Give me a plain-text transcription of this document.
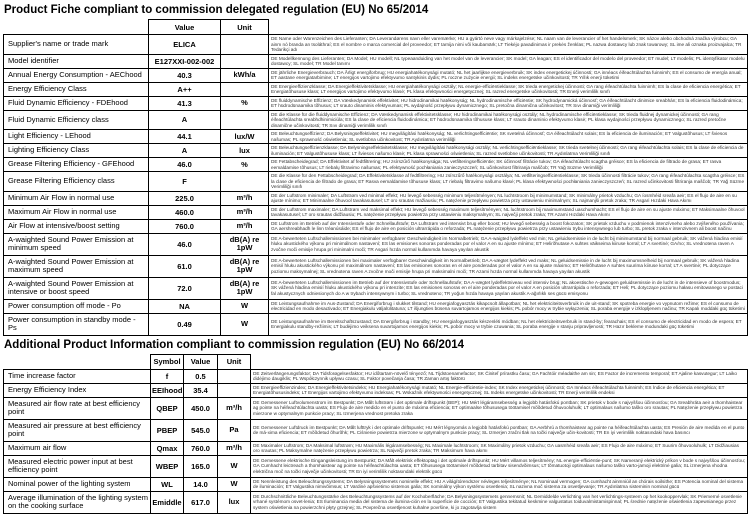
Product Fiche compliant to commission delegated regulation (EU) No 65/2014
	Value	Unit	
Supplier's name or trade mark	ELICA		DE Name oder Warenzeichen des Lieferanten; DA Leverandørens navn eller varemærke; HU a gyártó neve vagy márkajelzése; NL naam van de leverancier of het handelsmerk; SK názov alebo obchodná značka výrobcu; GA ainm nó branda an tsoláthraí; ES el nombre o marca comercial del proveedor; ET tarnija nimi või kaubamärk; LT Tiekėjo pavadinimas ir prekės ženklas; PL nazwa dostawcy lub znak towarowy; SL ime ali oznaka proizvajalca; TR Tedarikçi adı

Model identifier	E127XXI-002-002		DE Modellkennung des Lieferanten; DA Model; HU modell; NL typeaanduiding van het model van de leverancier; SK model; GA leagan; ES el identificador del modelo del proveedor; ET mudel; LT modelis; PL identyfikator modelu dostawcy; SL model; TR Model tanımı

Annual Energy Consumption - AEChood	40.3	kWh/a	DE jährliche Energieverbrauch; DA Årligt energiforbrug; HU energiahatékonysági mutató; NL het jaarlijkse energieverbruik; SK index energetickej účinnosti; GA innéacs éifeachtúlachta fuinnimh; ES el consumo de energía anual; ET aastane energiatarbimine; LT energijos vartojimo efektyvumo santykinis dydis; PL roczne zużycie energii; SL indeks energetske učinkovitosti; TR Yıllık enerji tüketimi

Energy Efficiency Class	A++		DE Energieeffizienzklasse; DA Energieffektivitetsklasse; HU energiahatékonysági osztály; NL energie-efficiëntieklasse; SK trieda energetickej účinnosti; GA rang éifeachtúlachta fuinnimh; ES la clase de eficiencia energética; ET Energiatõhususe klass; LT energijos vartojimo efektyvumo klasė; PL klasa efektywności energetycznej; SL razred energetske učinkovitosti; TR Enerji verimlilik sınıfı

Fluid Dynamic Efficiency - FDEhood	41.3	%	DE fluiddynamische Effizienz; DA Væskedynamisk effektivitet; HU hidrodinamikai hatékonyság; NL hydrodinamische efficiëntie; SK hydrodynamická účinnosť; GA éifeachtúlacht dinimice sreabhán; ES la eficiencia fluidodinámica; ET hüdrodünaamika tõhusus; LT srauto dinaminis efektyvumas; PL wydajność przepływu dynamicznego; SL pretočna dinamična učinkovitost; TR Sıvı dinamiği verimliliği

Fluid Dynamic Efficiency class	A		DE die Klasse für die fluiddynamische Effizienz; DA Væskedynamisk effektivitetsklasse; HU hidrodinamikai hatékonysági osztály; NL hydrodinamische efficiëntieklasse; SK trieda fluidnej dynamickej účinnosti; GA rang éifeachtúlachta sreabhdhinimiciúla; ES la clase de eficiencia fluidodinámica; ET hüdrodünaamika tõhususe klass; LT srauto dinaminio efektyvumo klasė; PL klasa wydajności przepływu dynamicznego; SL razred pretočne dinamične učinkovitosti; TR Sıvı dinamiği verimlilik sınıfı

Light Efficiency - LEhood	44.1	lux/W	DE Beleuchtungseffizienz; DA Belysningseffektivitet; HU megvilágítási hatékonyság; NL verlichtingsefficiëntie; SK svetelná účinnosť; GA éifeachtúlacht solais; ES la eficiencia de iluminación; ET Valgustõhusus; LT šviesos našumas; PL sprawność oświetlenia; SL svetlobna učinkovitost; TR Aydınlatma verimliliği

Lighting Efficiency Class	A	lux	DE Beleuchtungseffizienzklasse; DA Belysningseffektivitetsklasse; HU megvilágítási hatékonysági osztály; NL verlichtingsefficiëntieklasse; SK trieda svetelnej účinnosti; GA rang éifeachtúlachta solais; ES la clase de eficiencia de iluminación; ET Valgustõhususe klass; LT šviesos našumo klasė; PL klasa sprawności oświetlenia; SL razred svetlobne učinkovitosti; TR Aydınlatma Verimliliği sınıfı

Grease Filtering Efficiency - GFEhood	46.0	%	DE Fettabscheidegrad; DA Effektivitet af fedtfiltrering; HU zsírszűrő hatékonysága; NL vetfilteringsefficiëntie; SK účinnosť filtrácie tukov; GA éifeachtúlacht scagtha gréisce; ES la eficiencia de filtrado de grasa; ET rasva eemaldamise tõhusus; LT riebalų filtravimo našumas; PL efektywność pochłaniania zanieczyszczeń; SL učinkovitost filtriranja maščob; TR Yağ Süzme Verimliliği

Grease Filtering Efficiency class	F		DE die Klasse für den Fettabscheidegrad; DA Effektivitetsklasse af fedtfiltrering; HU zsírszűrő hatékonysági osztálya; NL vetfilteringsefficiëntieklasse; SK trieda účinnosti filtrácie tukov; GA rang éifeachtúlachta scagtha gréisce; ES la clase de eficiencia de filtrado de grasa; ET Rasva eemaldamise tõhususe klass; LT riebalų filtravimo našumo klasė; PL klasa efektywności pochłaniania zanieczyszczeń; SL razred učinkovitosti filtriranja maščob; TR Yağ Süzme Verimliliği sınıfı

Minimum Air Flow in normal use	225.0	m³/h	DE der Luftstrom minimaler; DA Luftstrøm ved minimal effekt; HU levegő sebesség minimum teljesítményen; NL luchtstroom bij minimumstand; SK minimálny prietok vzduchu; GA íosmhéid sreafa aeir; ES el flujo de aire en su ajuste mínimo; ET Minimaalne õhuvool tavakasutusel; LT oro srautas mažiausiu; PL natężenie przepływu powietrza przy ustawieniu minimalnym; SL najmanjši pretok zraka; TR Asgari Hızdaki Hava Akımı

Maximum Air Flow in normal use	460.0	m³/h	DE der Luftstrom maximaler; DA Luftstrøm ved maksimal effekt; HU levegő sebesség maximum teljesítményen; NL luchtstroom bij maximumstand uaschumhacht; ES el flujo de aire en su ajuste máximo; ET Maksimaalne õhuvool tavakasutusel; LT oro srautas didžiausiu; PL natężenie przepływu powietrza przy ustawieniu maksymalnym; SL največji pretok zraka; TR Azami Hızdaki Hava Akımı

Air Flow at intensive/boost setting	760.0	m³/h	DE Luftstrom im Betrieb auf der Intensivstufe oder Schnellaufstufe; DA Luftstrøm ved intensivt brug eller boost; HU levegő sebesség a boost fokozaton; SK prietok vzduchu v podmienok intenzívneho alebo zvýšeného používania; GA aershreabhadh le linn tréanúsáide; ES el flujo de aire en posición ultrarrápida o reforzada; PL natężenie przepływu powietrza przy ustawieniu trybu intensywnego lub turbo; SL pretok zraka v intenzivnem ali boost načinu

A-waighted Sound Power Emission at minimum speed	46.0	dB(A) re 1pW	DE A-bewerteten Luftschallemissionen bei minimaler verfügbarer Geschwindigkeit im Normalbetrieb; GA A-waigted lydeffekt ved min; NL geluidsemissie in de lucht bij minimumstand bij normaal gebruik; SK vážená hladina emisií hluku akustického výkonu pri minimálnom nastavení; ES las emisiones sonoras ponderadas por el valor A en su ajuste mínimo; ET Helirõhutase A suhtes väikseima kiiruse korral; LT A svertinė; GA/no; SL vrednotena raven A zvočne moči emisije hrupa pri minimalni moči; TR Asgari hızda normal kullanımda havaya yayılan akustik

A-waighted Sound Power Emission at maximum speed	61.0	dB(A) re 1pW	DE A-bewerteten Luftschallemissionen bei maximaler verfügbarer Geschwindigkeit im Normalbetrieb; DA A-vægtet lydeffekt ved maks; NL geluidsemissie in de lucht bij maximumsnelheid bij normaal gebruik; SK vážená hladina emisií hluku akustického výkonu pri maximálnom nastavení; ES las emisiones sonoras en el aire ponderadas por el valor A en su ajuste máximo; ET Helirõhutase A suhtes suurima kiiruse korral; LT A svertinė; PL dotyczące poziomu maksymalnej; SL vrednotena raven A zvočne moči emisije hrupa pri maksimalni moči; TR Azami hızda normal kullanımda havaya yayılan akustik

A-waighted Sound Power Emission at intensive or boost speed	72.0	dB(A) re 1pW	DE A-bewerteten Luftschallemissionen im Betrieb auf der Intensivstufe oder Schnellaufstufe; DA A-vægtet lydeffektniveau ved intensiv brug; NL akoestische A-gewogen geluidsemissie in de lucht in de intensieve of boostmodus; SK vážená hladina emisií hluku akustického výkonu pri intenzite; ES las emisiones sonoras en el aire ponderadas por el valor A en posición ultrarrápida o reforzada; ET Heli; PL dotyczące poziomu hałasu emitowanego w postaci fal akustycznych odniesionych do A w trybach intensywnym i turbo; SL vrednoteno; TR yoğun hızda havaya yayılan akustik A-ağırlıklı ses gücü emisyonu

Power consumption off mode - Po	NA	W	DE Leistungsaufnahme im Aus-Zustand; DA Energiforbrug i slukket tilstand; HU energiafogyasztás kikapcsolt állapotban; NL het elektriciteitsverbruik in de uit-stand; SK spotreba energie vo vypnutom režime; ES el consumo de electricidad en modo desactivado; ET Energiakulu väljalülitatuna; LT išjungties būsena suvartojamos energijos kiekis; PL pobór mocy w trybie wyłączenia; SL poraba energije v izklopljenem načinu; TR Kapalı moddaki güç tüketimi

Power consumption in standby mode - Ps	0.49	W	DE Leistungsaufnahme im Bereitschaftszustand; DA Energiforbrug i standby; HU energiafogyasztás készenléti módban; NL het elektriciteitsverbruik in stand-by; fearachais; ES el consumo de electricidad en modo de espera; ET Energiakulu standby-režiimis; LT budėjimo veiksena suvartojamos energijos kiekis; PL pobór mocy w trybie czuwania; SL poraba energije v stanju pripravljenosti; TR Hazır bekleme modundaki güç tüketimi
Additional Product Information compliant to commission regulation (EU) No 66/2014
	Symbol	Value	Unit	
Time increase factor	f	0.5		DE Zeitverlängerungsfaktor; DA Tidsforøgelsesfaktor; HU időtartam-növelő tényező; NL Tijdstoenamefactor; SK Činiteľ prírastku času; GA Fachtóir méadaithe am sin; ES Factor de incremento temporal; ET Ajaline kasvutegur; LT Laiko didėjimo daugiklis; PL Współczynnik upływu czasu; SL Faktor povečanja časa; TR Zaman artış faktörü

Energy Efficiency Index	EEIhood	35.4		DE Energieeffizienzindex; DA Energieffektivitetsindeks; HU Energiahatékonysági mutató; NL Energie-efficiëntie-index; SK Index energetickej účinnosti; GA Innéacs éifeachtúlachta fuinnimh; ES Índice de eficiencia energética; ET Energiatõhususindeks; LT Energijos vartojimo efektyvumo indeksas; PL Wskaźnik efektywności energetycznej; SL Indeks energetske učinkovitosti; TR Enerji verimlilik endeksi

Measured air flow rate at best efficiency point	QBEP	450.0	m³/h	DE Gemessener Luftvolumenstrom im Bestpunkt; DA Målt luftstrøm i det optimale driftspunkt (BEP); HU Mért légáramsebesség a legjobb hatásfokú pontban; SK prietok v bode s najvyššou účinnosťou; GA Sreabhráta aeir a thomhaistear ag pointe na héifeachtúlachta uasta; ES Flujo de aire medido en el punto de máxima eficiencia; ET optimaalse tõhususega töötamisel mõõdetud õhuvooluhulk; LT optimalaus našumo taško oro srautas; PL Natężenie przepływu powietrza mierzone w optymalnym punkcie pracy; SL Izmerjena vrednost pretoka zraka

Measured air pressure at best efficiency point	PBEP	545.0	Pa	DE Gemessener Luftdruck im Bestpunkt; DA Målt lufttryk i det optimale driftspunkt; HU Mért légnyomás a legjobb hatásfokú pontban; GA Aerbhrú a thomhaistear ag pointe na héifeachtúlachta uasta; ES Presión de aire medida en el punto de má-xima eficiencia; ET mõõdetud õhurõhk; PL Ciśnienie powietrza mierzone w optymalnym punkcie pracy; SL Izmerjen zračni tlak na točki največje učin-kovitosti; TR En iyi verimlilik noktasındaki hava basıncı

Maximum air flow	Qmax	760.0	m³/h	DE Maximaler Luftstrom; DA Maksimal luftstrøm; HU Maximális légáramsebesség; NL Maximale luchtstroom; SK Maximálny prietok vzduchu; GA uasmhéid sreafa aeir; ES Flujo de aire máximo; ET Suurim õhuvooluhulk; LT Didžiausias oro srautas; PL Maksymalne natężenie przepływu powietrza; SL Največji pretok zraka; TR Maksimum hava akımı

Measured electric power input at best efficiency point	WBEP	165.0	W	DE Gemessene elektrische Eingangsleistung im Bestpunkt; DA Målt elektrisk effektoptag i det optimale driftspunkt; HU Mért villamos teljesítmény; NL energie-efficiëntie-punt; SK Nameraný elektrický príkon v bode s najvyššou účinnosťou; GA Cumhacht leictreach a thomhaistear ag pointe na héifeachtúlachta uasta; ET tõhususega töötamisel mõõdetud tarbitav sisendvõimsus; LT tõmatuotoji optimalaus našumo taško varto-jamoji elektrinė galia; SL izmerjena vhodna električna moč na točki največje učinkovitosti; TR En iyi verimlilik noktasındaki elektrik gücü

Nominal power of the lighting system	WL	14.0	W	DE Nennleistung des Beleuchtungssystems; DA Belysningssystemets nominelle effekt; HU A világítórendszer névleges teljesítménye; NL Nominaal vermogen; GA cumhacht ainmniúil an chórais soilsithe; ES Potencia nominal del sistema de iluminación; ET Valgustika nimivõimsus; LT Vardinė apšvietimo sistemos galia; SK nominálny výkon systému osvetlenia; SL nazivna moč sistema za osvetljevanje; TR Aydınlatma sisteminin nominal gücü

Average illumination of the lighting system on the cooking surface	Emiddle	617.0	lux	DE Durchschnittliche Beleuchtungsstärke des Beleuchtungssystems auf der Kochoberfläche; DA Belysningssystemets gennemsnit; NL Gemiddelde verlichting van het verlichtings-systeem op het kookoppervlak; SK Priemerné osvetlenie vrhané systémom osvet-lenia; ES Iluminancia media del sistema de ilumina-ción en la superficie de cocción; ET Valgustika tekitatud keskmine valgustatus toiduvalmistamispinnal; PL średnie natężenie oświetlenia zapewnianego przez system oświetlenia na powierzchni płyty grzejnej; SL Povprečna osvetljenost kuhalne površine, ki jo zagotavlja sistem
